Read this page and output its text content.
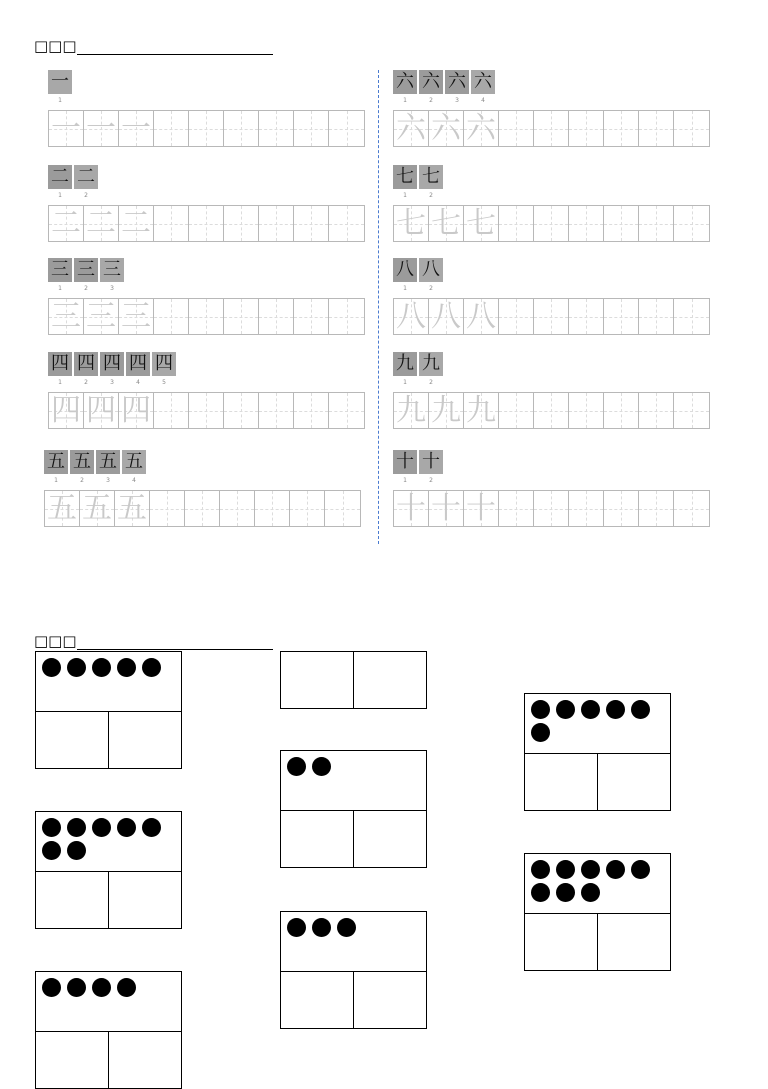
□□□
一
1
一 一 一
二 二
1	2
二 二 二
三 三 三
1	2	3
三 三 三
四 四 四 四 四
1	2	3	4	5
四 四 四
五 五 五 五
1	2	3	4
五 五 五
六 六 六 六
1	2	3	4
六 六 六
七 七
1	2
七 七 七
八 八
1	2
八 八 八
九 九
1	2
九 九 九
十 十
1	2
十 十 十
□□□
